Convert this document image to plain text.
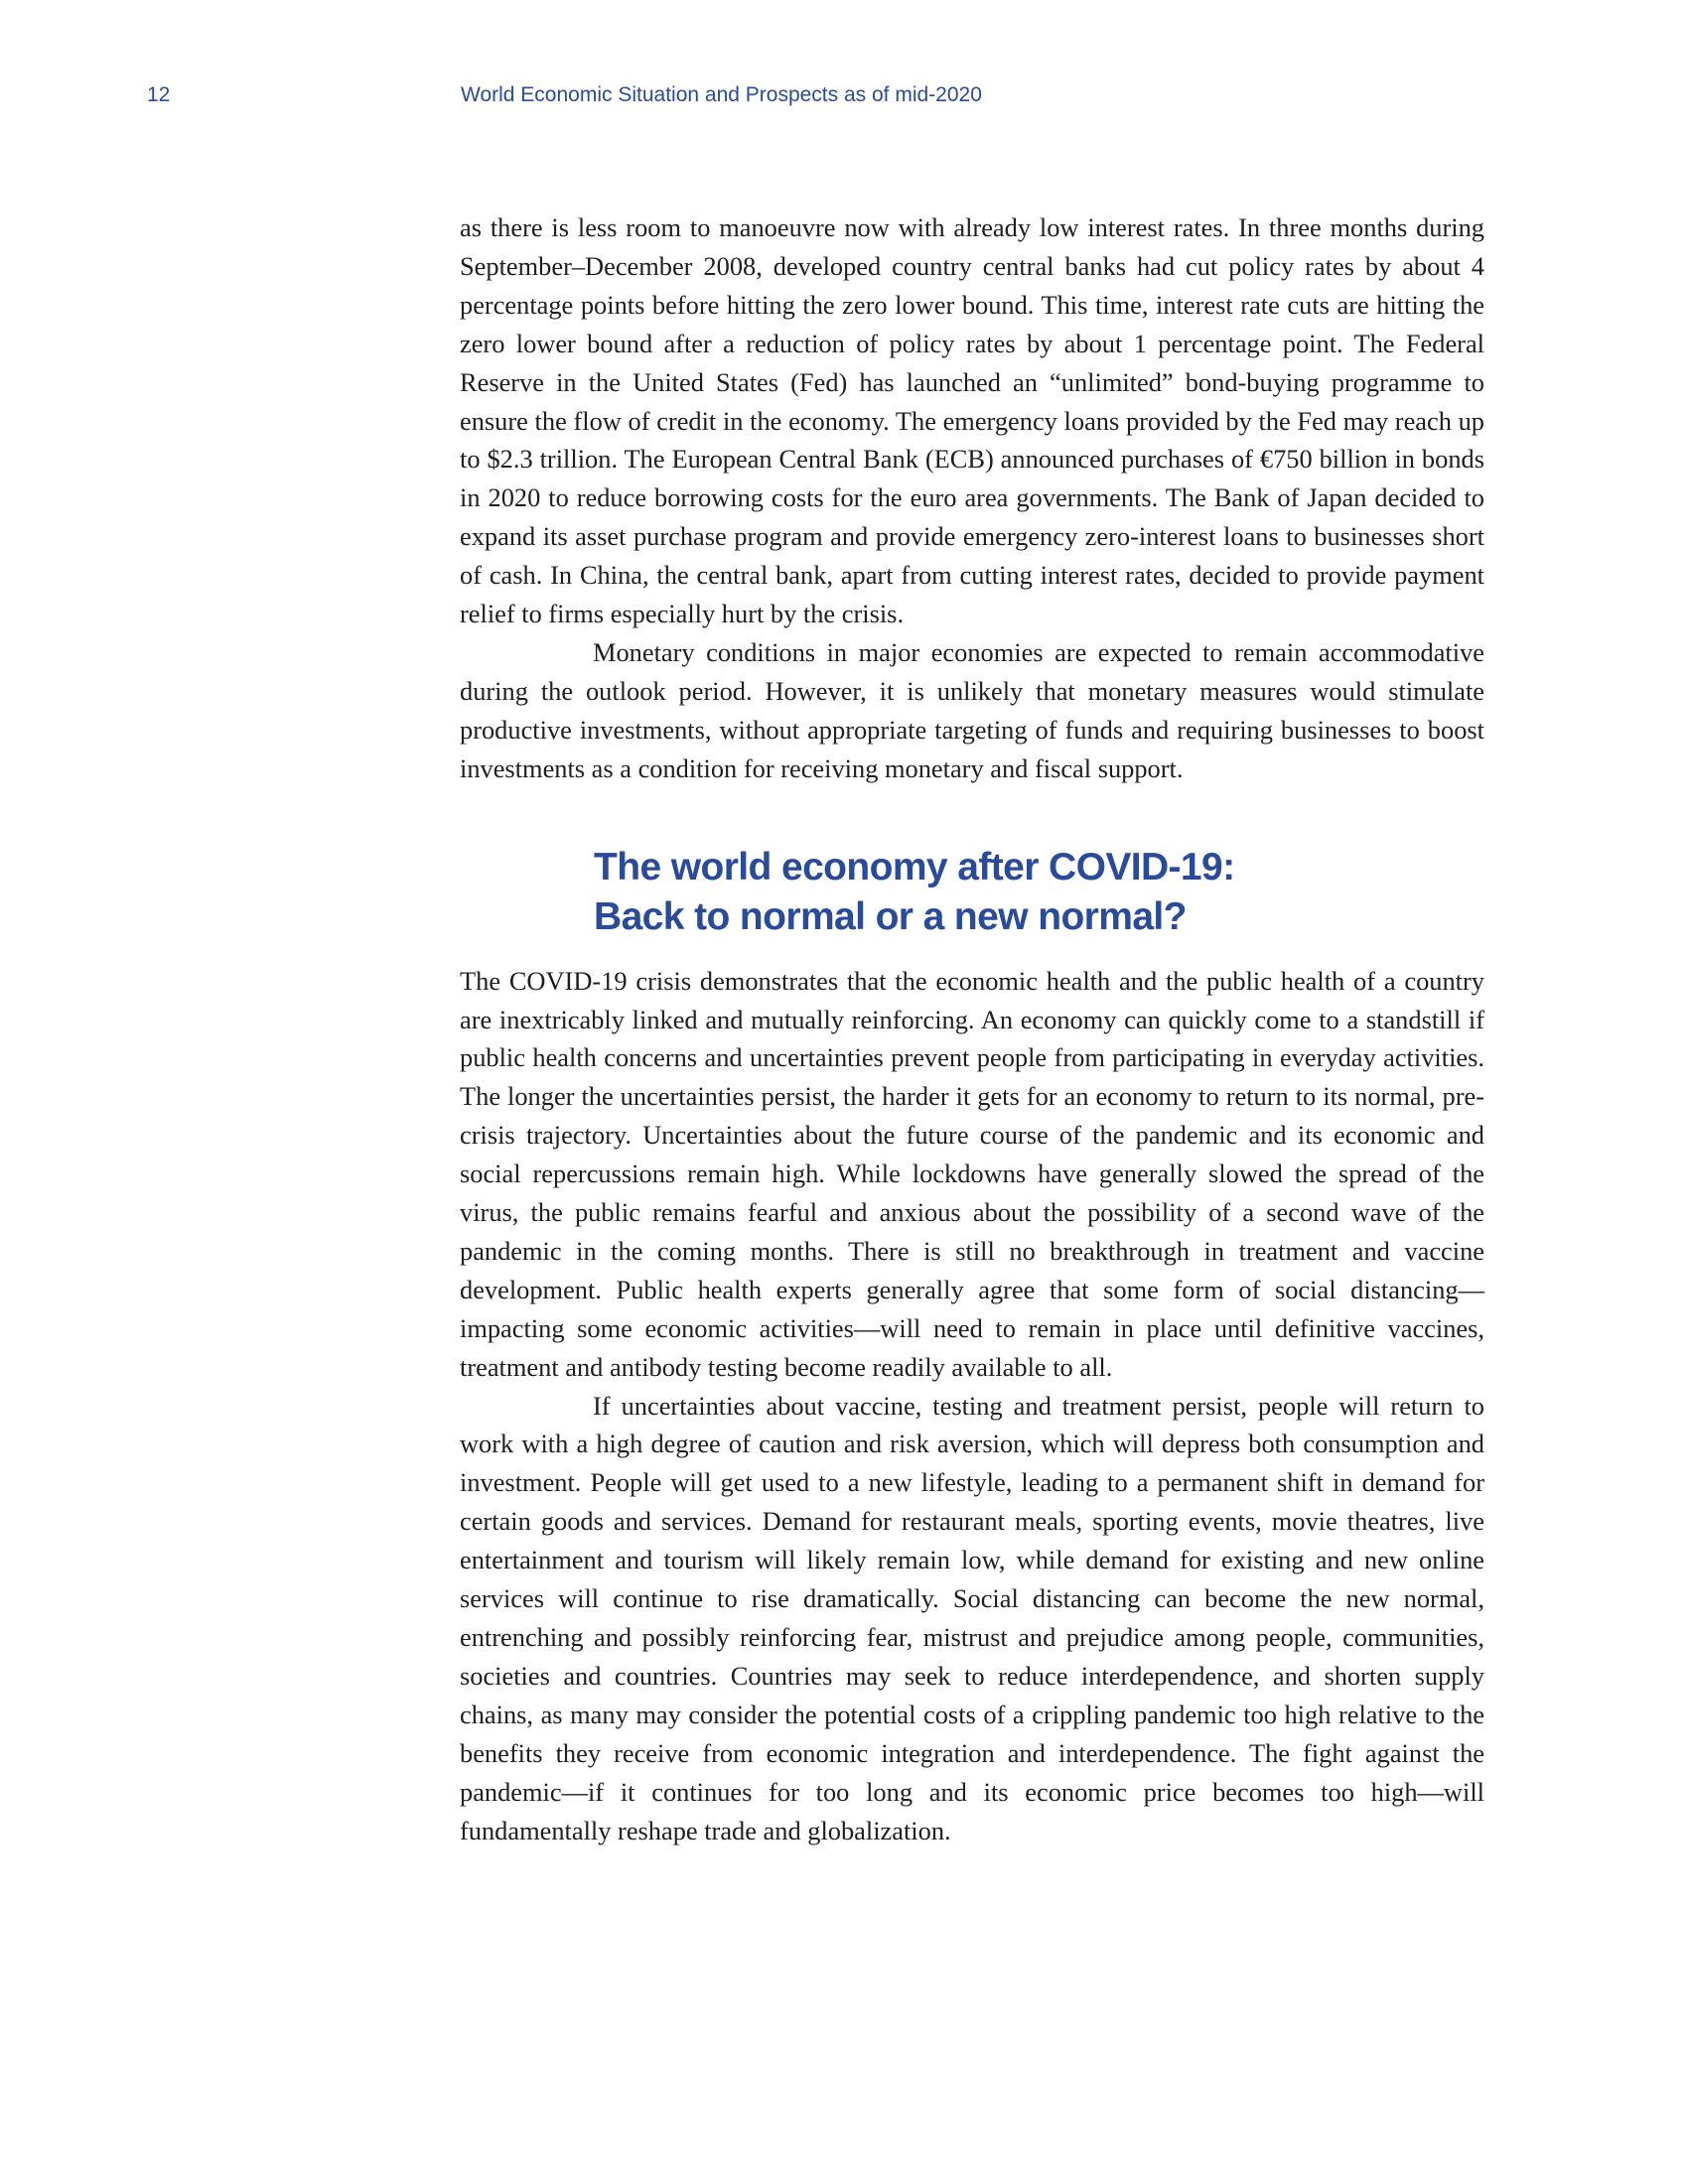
12	World Economic Situation and Prospects as of mid-2020

as there is less room to manoeuvre now with already low interest rates. In three months during September–December 2008, developed country central banks had cut policy rates by about 4 percentage points before hitting the zero lower bound. This time, interest rate cuts are hitting the zero lower bound after a reduction of policy rates by about 1 percentage point. The Federal Reserve in the United States (Fed) has launched an “unlimited” bond-buying programme to ensure the flow of credit in the economy. The emergency loans provided by the Fed may reach up to $2.3 trillion. The European Central Bank (ECB) announced purchases of €750 billion in bonds in 2020 to reduce borrowing costs for the euro area governments. The Bank of Japan decided to expand its asset purchase program and provide emergency zero-interest loans to businesses short of cash. In China, the central bank, apart from cutting interest rates, decided to provide payment relief to firms especially hurt by the crisis.

Monetary conditions in major economies are expected to remain accommodative during the outlook period. However, it is unlikely that monetary measures would stimulate productive investments, without appropriate targeting of funds and requiring businesses to boost investments as a condition for receiving monetary and fiscal support.

The world economy after COVID-19:
Back to normal or a new normal?

The COVID-19 crisis demonstrates that the economic health and the public health of a country are inextricably linked and mutually reinforcing. An economy can quickly come to a standstill if public health concerns and uncertainties prevent people from participating in everyday activities. The longer the uncertainties persist, the harder it gets for an economy to return to its normal, pre-crisis trajectory. Uncertainties about the future course of the pandemic and its economic and social repercussions remain high. While lockdowns have generally slowed the spread of the virus, the public remains fearful and anxious about the possibility of a second wave of the pandemic in the coming months. There is still no breakthrough in treatment and vaccine development. Public health experts generally agree that some form of social distancing—impacting some economic activities—will need to remain in place until definitive vaccines, treatment and antibody testing become readily available to all.

If uncertainties about vaccine, testing and treatment persist, people will return to work with a high degree of caution and risk aversion, which will depress both consumption and investment. People will get used to a new lifestyle, leading to a permanent shift in demand for certain goods and services. Demand for restaurant meals, sporting events, movie theatres, live entertainment and tourism will likely remain low, while demand for existing and new online services will continue to rise dramatically. Social distancing can become the new normal, entrenching and possibly reinforcing fear, mistrust and prejudice among people, communities, societies and countries. Countries may seek to reduce interdependence, and shorten supply chains, as many may consider the potential costs of a crippling pandemic too high relative to the benefits they receive from economic integration and interdependence. The fight against the pandemic—if it continues for too long and its economic price becomes too high—will fundamentally reshape trade and globalization.
